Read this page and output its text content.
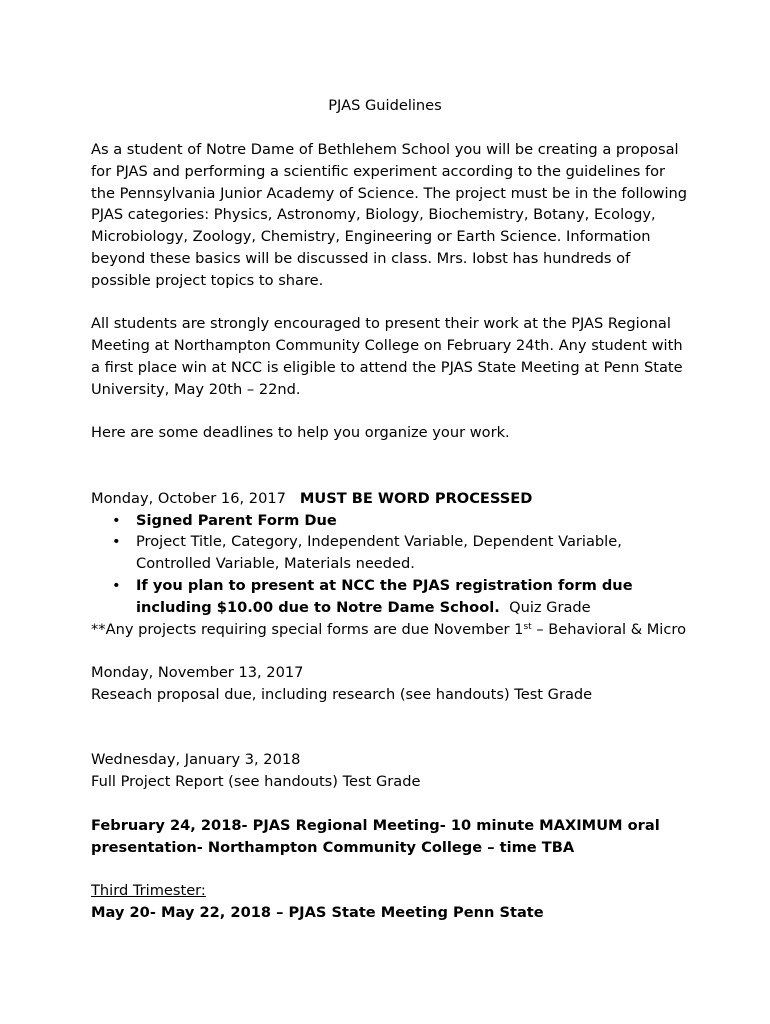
PJAS Guidelines

As a student of Notre Dame of Bethlehem School you will be creating a proposal for PJAS and performing a scientific experiment according to the guidelines for the Pennsylvania Junior Academy of Science. The project must be in the following PJAS categories: Physics, Astronomy, Biology, Biochemistry, Botany, Ecology, Microbiology, Zoology, Chemistry, Engineering or Earth Science. Information beyond these basics will be discussed in class. Mrs. Iobst has hundreds of possible project topics to share.

All students are strongly encouraged to present their work at the PJAS Regional Meeting at Northampton Community College on February 24th. Any student with a first place win at NCC is eligible to attend the PJAS State Meeting at Penn State University, May 20th – 22nd.

Here are some deadlines to help you organize your work.

Monday, October 16, 2017 MUST BE WORD PROCESSED

• Signed Parent Form Due
• Project Title, Category, Independent Variable, Dependent Variable, Controlled Variable, Materials needed.
• If you plan to present at NCC the PJAS registration form due including $10.00 due to Notre Dame School. Quiz Grade

**Any projects requiring special forms are due November 1st – Behavioral & Micro

Monday, November 13, 2017

Reseach proposal due, including research (see handouts) Test Grade

Wednesday, January 3, 2018

Full Project Report (see handouts) Test Grade

February 24, 2018- PJAS Regional Meeting- 10 minute MAXIMUM oral presentation- Northampton Community College – time TBA

Third Trimester:

May 20- May 22, 2018 – PJAS State Meeting Penn State
